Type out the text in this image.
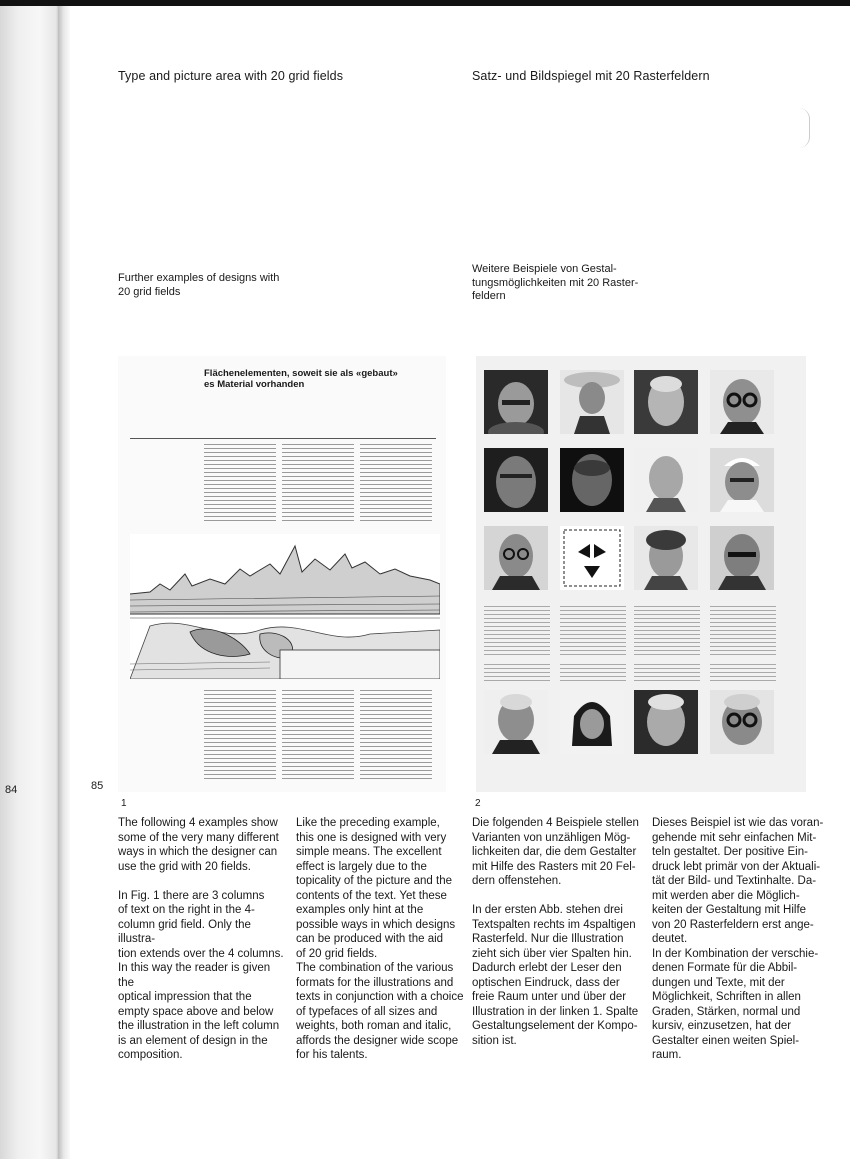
Type and picture area with 20 grid fields	Satz- und Bildspiegel mit 20 Rasterfeldern
Further examples of designs with
20 grid fields
Weitere Beispiele von Gestal-
tungsmöglichkeiten mit 20 Raster-
feldern
Flächenelementen, soweit sie als «gebaut»
es Material vorhanden
84	85
1	2
The following 4 examples show
some of the very many different
ways in which the designer can
use the grid with 20 fields.

In Fig. 1 there are 3 columns
of text on the right in the 4-
column grid field. Only the illustra-
tion extends over the 4 columns.
In this way the reader is given the
optical impression that the
empty space above and below
the illustration in the left column
is an element of design in the
composition.
Like the preceding example,
this one is designed with very
simple means. The excellent
effect is largely due to the
topicality of the picture and the
contents of the text. Yet these
examples only hint at the
possible ways in which designs
can be produced with the aid
of 20 grid fields.
The combination of the various
formats for the illustrations and
texts in conjunction with a choice
of typefaces of all sizes and
weights, both roman and italic,
affords the designer wide scope
for his talents.
Die folgenden 4 Beispiele stellen
Varianten von unzähligen Mög-
lichkeiten dar, die dem Gestalter
mit Hilfe des Rasters mit 20 Fel-
dern offenstehen.

In der ersten Abb. stehen drei
Textspalten rechts im 4spaltigen
Rasterfeld. Nur die Illustration
zieht sich über vier Spalten hin.
Dadurch erlebt der Leser den
optischen Eindruck, dass der
freie Raum unter und über der
Illustration in der linken 1. Spalte
Gestaltungselement der Kompo-
sition ist.
Dieses Beispiel ist wie das voran-
gehende mit sehr einfachen Mit-
teln gestaltet. Der positive Ein-
druck lebt primär von der Aktuali-
tät der Bild- und Textinhalte. Da-
mit werden aber die Möglich-
keiten der Gestaltung mit Hilfe
von 20 Rasterfeldern erst ange-
deutet.
In der Kombination der verschie-
denen Formate für die Abbil-
dungen und Texte, mit der
Möglichkeit, Schriften in allen
Graden, Stärken, normal und
kursiv, einzusetzen, hat der
Gestalter einen weiten Spiel-
raum.
